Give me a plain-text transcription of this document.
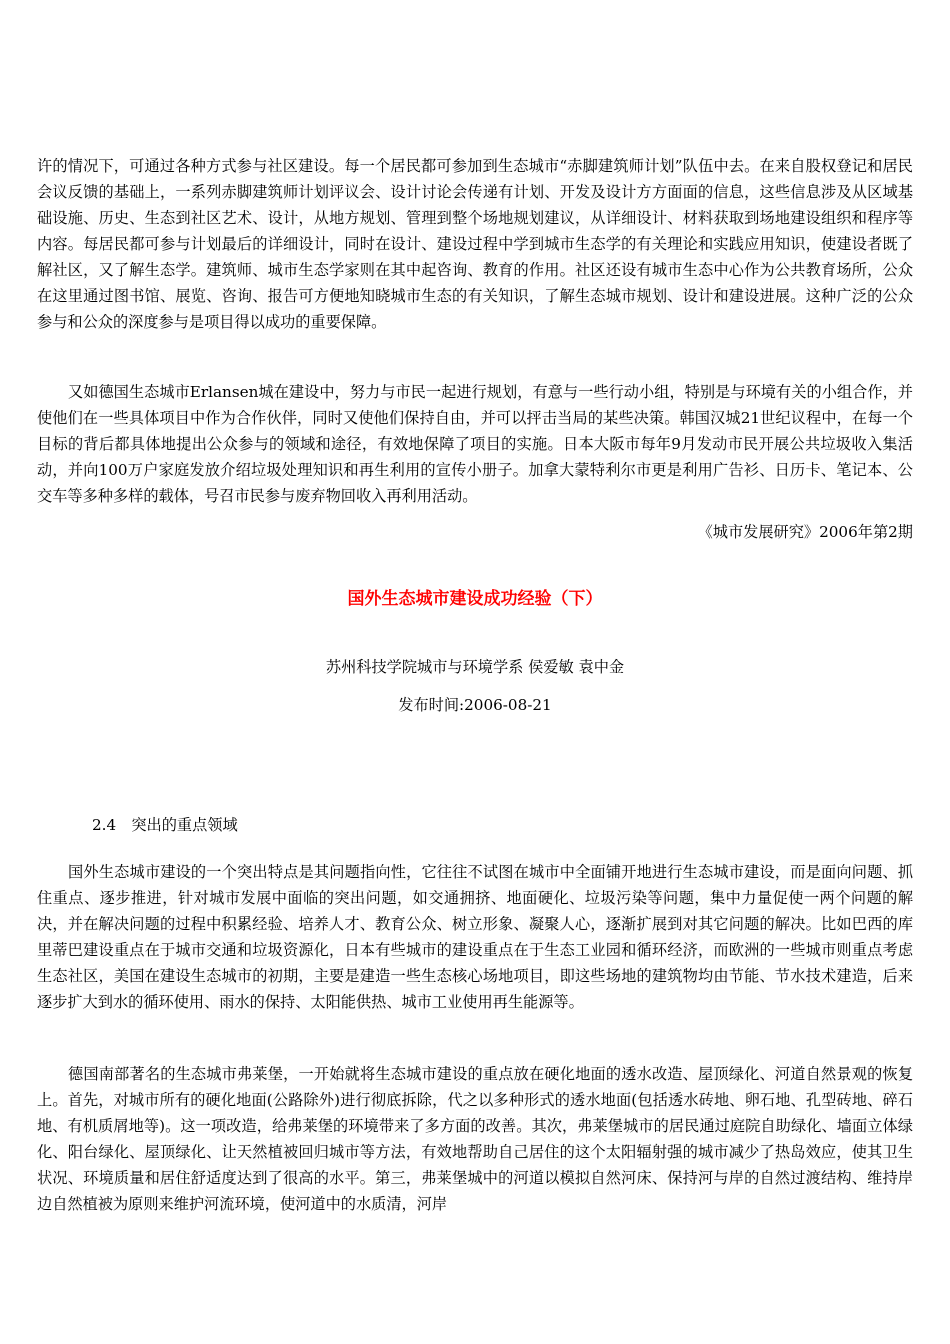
许的情况下，可通过各种方式参与社区建设。每一个居民都可参加到生态城市“赤脚建筑师计划”队伍中去。在来自股权登记和居民会议反馈的基础上，一系列赤脚建筑师计划评议会、设计讨论会传递有计划、开发及设计方方面面的信息，这些信息涉及从区域基础设施、历史、生态到社区艺术、设计，从地方规划、管理到整个场地规划建议，从详细设计、材料获取到场地建设组织和程序等内容。每居民都可参与计划最后的详细设计，同时在设计、建设过程中学到城市生态学的有关理论和实践应用知识，使建设者既了解社区，又了解生态学。建筑师、城市生态学家则在其中起咨询、教育的作用。社区还设有城市生态中心作为公共教育场所，公众在这里通过图书馆、展览、咨询、报告可方便地知晓城市生态的有关知识，了解生态城市规划、设计和建设进展。这种广泛的公众参与和公众的深度参与是项目得以成功的重要保障。

又如德国生态城市Erlansen城在建设中，努力与市民一起进行规划，有意与一些行动小组，特别是与环境有关的小组合作，并使他们在一些具体项目中作为合作伙伴，同时又使他们保持自由，并可以抨击当局的某些决策。韩国汉城21世纪议程中，在每一个目标的背后都具体地提出公众参与的领域和途径，有效地保障了项目的实施。日本大阪市每年9月发动市民开展公共垃圾收入集活动，并向100万户家庭发放介绍垃圾处理知识和再生利用的宣传小册子。加拿大蒙特利尔市更是利用广告衫、日历卡、笔记本、公交车等多种多样的载体，号召市民参与废弃物回收入再利用活动。

《城市发展研究》2006年第2期

国外生态城市建设成功经验（下）

苏州科技学院城市与环境学系 侯爱敏 袁中金

发布时间:2006-08-21

2.4　突出的重点领域

国外生态城市建设的一个突出特点是其问题指向性，它往往不试图在城市中全面铺开地进行生态城市建设，而是面向问题、抓住重点、逐步推进，针对城市发展中面临的突出问题，如交通拥挤、地面硬化、垃圾污染等问题，集中力量促使一两个问题的解决，并在解决问题的过程中积累经验、培养人才、教育公众、树立形象、凝聚人心，逐渐扩展到对其它问题的解决。比如巴西的库里蒂巴建设重点在于城市交通和垃圾资源化，日本有些城市的建设重点在于生态工业园和循环经济，而欧洲的一些城市则重点考虑生态社区，美国在建设生态城市的初期，主要是建造一些生态核心场地项目，即这些场地的建筑物均由节能、节水技术建造，后来逐步扩大到水的循环使用、雨水的保持、太阳能供热、城市工业使用再生能源等。

德国南部著名的生态城市弗莱堡，一开始就将生态城市建设的重点放在硬化地面的透水改造、屋顶绿化、河道自然景观的恢复上。首先，对城市所有的硬化地面(公路除外)进行彻底拆除，代之以多种形式的透水地面(包括透水砖地、卵石地、孔型砖地、碎石地、有机质屑地等)。这一项改造，给弗莱堡的环境带来了多方面的改善。其次，弗莱堡城市的居民通过庭院自助绿化、墙面立体绿化、阳台绿化、屋顶绿化、让天然植被回归城市等方法，有效地帮助自己居住的这个太阳辐射强的城市减少了热岛效应，使其卫生状况、环境质量和居住舒适度达到了很高的水平。第三，弗莱堡城中的河道以模拟自然河床、保持河与岸的自然过渡结构、维持岸边自然植被为原则来维护河流环境，使河道中的水质清，河岸
